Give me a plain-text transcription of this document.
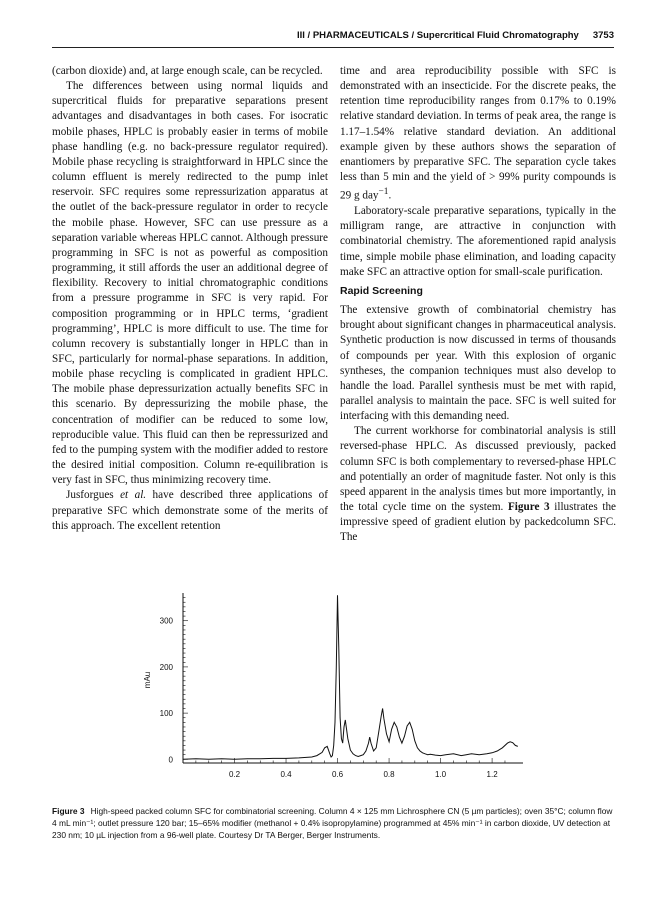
III / PHARMACEUTICALS / Supercritical Fluid Chromatography 3753

(carbon dioxide) and, at large enough scale, can be recycled.

The differences between using normal liquids and supercritical fluids for preparative separations present advantages and disadvantages in both cases. For isocratic mobile phases, HPLC is probably easier in terms of mobile phase handling (e.g. no back-pressure regulator required). Mobile phase recycling is straightforward in HPLC since the column effluent is merely redirected to the pump inlet reservoir. SFC requires some repressurization apparatus at the outlet of the back-pressure regulator in order to recycle the mobile phase. However, SFC can use pressure as a separation variable whereas HPLC cannot. Although pressure programming in SFC is not as powerful as composition programming, it still affords the user an additional degree of flexibility. Recovery to initial chromatographic conditions from a pressure programme in SFC is very rapid. For composition programming or in HPLC terms, ‘gradient programming’, HPLC is more difficult to use. The time for column recovery is substantially longer in HPLC than in SFC, particularly for normal-phase separations. In addition, mobile phase recycling is complicated in gradient HPLC. The mobile phase depressurization actually benefits SFC in this scenario. By depressurizing the mobile phase, the concentration of modifier can be reduced to some low, reproducible value. This fluid can then be repressurized and fed to the pumping system with the modifier added to restore the desired initial composition. Column re-equilibration is very fast in SFC, thus minimizing recovery time.

Jusforgues et al. have described three applications of preparative SFC which demonstrate some of the merits of this approach. The excellent retention

time and area reproducibility possible with SFC is demonstrated with an insecticide. For the discrete peaks, the retention time reproducibility ranges from 0.17% to 0.19% relative standard deviation. In terms of peak area, the range is 1.17–1.54% relative standard deviation. An additional example given by these authors shows the separation of enantiomers by preparative SFC. The separation cycle takes less than 5 min and the yield of > 99% purity compounds is 29 g day$^{-1}$.

Laboratory-scale preparative separations, typically in the milligram range, are attractive in conjunction with combinatorial chemistry. The aforementioned rapid analysis time, simple mobile phase elimination, and loading capacity make SFC an attractive option for small-scale purification.

Rapid Screening

The extensive growth of combinatorial chemistry has brought about significant changes in pharmaceutical analysis. Synthetic production is now discussed in terms of thousands of compounds per year. With this explosion of organic syntheses, the companion techniques must also develop to handle the load. Parallel synthesis must be met with rapid, parallel analysis to maintain the pace. SFC is well suited for interfacing with this demanding need.

The current workhorse for combinatorial analysis is still reversed-phase HPLC. As discussed previously, packed column SFC is both complementary to reversed-phase HPLC and potentially an order of magnitude faster. Not only is this speed apparent in the analysis times but more importantly, in the total cycle time on the system. Figure 3 illustrates the impressive speed of gradient elution by packedcolumn SFC. The

0
100
200
300
0.2	0.4	0.6	0.8	1.0	1.2
mAu
Figure 3 High-speed packed column SFC for combinatorial screening. Column 4 × 125 mm Lichrosphere CN (5 µm particles); oven 35°C; column flow 4 mL min⁻¹; outlet pressure 120 bar; 15–65% modifier (methanol + 0.4% isopropylamine) programmed at 45% min⁻¹ in carbon dioxide, UV detection at 230 nm; 10 µL injection from a 96-well plate. Courtesy Dr TA Berger, Berger Instruments.
